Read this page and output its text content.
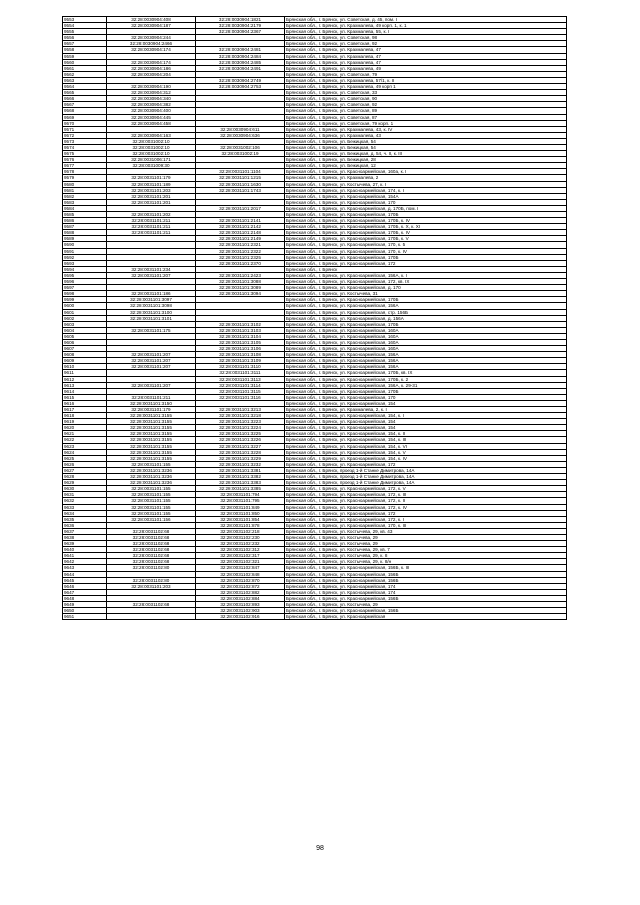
9553	32:28:0030904:408	32:28:0030904:1821	Брянская обл., г. Брянск, ул. Советская, д. 45, пом. I
9554	32:28:0030904:187	32:28:0030904:2179	Брянская обл., г. Брянск, ул. Крахмалева, 49 корп. 1, к. 1
9555		32:28:0030904:2367	Брянская обл., г. Брянск, ул. Крахмалева, 55, к. I
9556	32:28:0030904:244		Брянская обл., г. Брянск, ул. Советская, 98
9557	32:28:0030904:2466		Брянская обл., г. Брянск, ул. Советская, 92
9558	32:28:0030904:174	32:28:0030904:2481	Брянская обл., г. Брянск, ул. Крахмалева, 47
9559		32:28:0030904:2484	Брянская обл., г. Брянск, ул. Крахмалева, 47
9560	32:28:0030904:174	32:28:0030904:2485	Брянская обл., г. Брянск, ул. Крахмалева, 47
9561	32:28:0030904:186	32:28:0030904:2491	Брянская обл., г. Брянск, ул. Крахмалева, 49
9562	32:28:0030904:204		Брянская обл., г. Брянск, ул. Советская, 79
9563		32:28:0030904:2749	Брянская обл., г. Брянск, ул. Крахмалева, 57/1, к. II
9564	32:28:0030904:190	32:28:0030904:2753	Брянская обл., г. Брянск, ул. Крахмалева, 49 корп 1
9565	32:28:0030904:312		Брянская обл., г. Брянск, ул. Советская, 33
9566	32:28:0030904:340		Брянская обл., г. Брянск, ул. Советская, 90
9567	32:28:0030904:382		Брянская обл., г. Брянск, ул. Советская, 92
9568	32:28:0030904:400		Брянская обл., г. Брянск, ул. Советская, 89
9569	32:28:0030904:445		Брянская обл., г. Брянск, ул. Советская, 87
9570	32:28:0030904:458		Брянская обл., г. Брянск, ул. Советская, 79 корп. 1
9571		32:28:0030904:611	Брянская обл., г. Брянск, ул. Крахмалева, 43, к. IV
9572	32:28:0030904:163	32:28:0030904:636	Брянская обл., г. Брянск, ул. Крахмалева, 43
9573	32:28:0031002:10		Брянская обл., г. Брянск, ул. Бежицкая, 54
9574	32:28:0031002:10	32:28:0031002:106	Брянская обл., г. Брянск, ул. Бежицкая, 54
9575	32:28:0031002:10	32:28:0031002:19	Брянская обл., г. Брянск, ул. Бежицкая, д. 54, ч. II, к. III
9576	32:28:0031006:171		Брянская обл., г. Брянск, ул. Бежицкая, 28
9577	32:28:0031009:30		Брянская обл., г. Брянск, ул. Бежицкая, 12
9578		32:28:0031101:1104	Брянская обл., г. Брянск, ул. Красноармейская, 160а, к. I
9579	32:28:0031101:179	32:28:0031101:1215	Брянская обл., г. Брянск, ул. Крахмалева, 2
9580	32:28:0031101:189	32:28:0031101:1630	Брянская обл., г. Брянск, ул. Костычева, 27, к. I
9581	32:28:0031101:203	32:28:0031101:1743	Брянская обл., г. Брянск, ул. Красноармейская, 174, к. I
9582	32:28:0031101:201		Брянская обл., г. Брянск, ул. Красноармейская, 154А
9583	32:28:0031101:201		Брянская обл., г. Брянск, ул. Красноармейская, 170
9584		32:28:0031101:2017	Брянская обл., г. Брянск, ул. Красноармейская, д. 170Б, пом. I
9585	32:28:0031101:202		Брянская обл., г. Брянск, ул. Красноармейская, 170Б
9586	32:28:0031101:211	32:28:0031101:2141	Брянская обл., г. Брянск, ул. Красноармейская, 170Б, к. IV
9587	32:28:0031101:211	32:28:0031101:2142	Брянская обл., г. Брянск, ул. Красноармейская, 170Б, к. X, к. XI
9588	32:28:0031101:211	32:28:0031101:2148	Брянская обл., г. Брянск, ул. Красноармейская, 170Б, к. IV
9589		32:28:0031101:2149	Брянская обл., г. Брянск, ул. Красноармейская, 170Б, к. V
9590		32:28:0031101:2321	Брянская обл., г. Брянск, ул. Красноармейская, 170, к. 5
9591		32:28:0031101:2322	Брянская обл., г. Брянск, ул. Красноармейская, 170, к. IV
9592		32:28:0031101:2325	Брянская обл., г. Брянск, ул. Красноармейская, 170Б
9593		32:28:0031101:2370	Брянская обл., г. Брянск, ул. Красноармейская, 172
9594	32:28:0031101:234		Брянская обл., г. Брянск
9595	32:28:0031101:207	32:28:0031101:2423	Брянская обл., г. Брянск, ул. Красноармейская, 156А, к. I
9596		32:28:0031101:3088	Брянская обл., г. Брянск, ул. Красноармейская, 172, кв. IX
9597		32:28:0031101:3089	Брянская обл., г. Брянск, ул. Красноармейская, д. 170
9598	32:28:0031101:186	32:28:0031101:3094	Брянская обл., г. Брянск, ул. Костычева, 31
9599	32:28:0031101:3097		Брянская обл., г. Брянск, ул. Красноармейская, 170Б
9600	32:28:0031101:3098		Брянская обл., г. Брянск, ул. Красноармейская, 156А
9601	32:28:0031101:3100		Брянская обл., г. Брянск, ул. Красноармейская, стр. 156Б
9602	32:28:0031101:3101		Брянская обл., г. Брянск, ул. Красноармейская, д. 156А
9603		32:28:0031101:3102	Брянская обл., г. Брянск, ул. Красноармейская, 170Б
9604	32:28:0031101:175	32:28:0031101:3103	Брянская обл., г. Брянск, ул. Красноармейская, 160А
9605		32:28:0031101:3104	Брянская обл., г. Брянск, ул. Красноармейская, 160А
9606		32:28:0031101:3105	Брянская обл., г. Брянск, ул. Красноармейская, 160А
9607		32:28:0031101:3106	Брянская обл., г. Брянск, ул. Красноармейская, 160А
9608	32:28:0031101:207	32:28:0031101:3108	Брянская обл., г. Брянск, ул. Красноармейская, 156А
9609	32:28:0031101:207	32:28:0031101:3109	Брянская обл., г. Брянск, ул. Красноармейская, 156А
9610	32:28:0031101:207	32:28:0031101:3110	Брянская обл., г. Брянск, ул. Красноармейская, 156А
9611		32:28:0031101:3111	Брянская обл., г. Брянск, ул. Красноармейская, 170Б, кв. IX
9612		32:28:0031101:3113	Брянская обл., г. Брянск, ул. Красноармейская, 170Б, к. 2
9613	32:28:0031101:207	32:28:0031101:3114	Брянская обл., г. Брянск, ул. Красноармейская, 156А, к. 29-31
9614		32:28:0031101:3115	Брянская обл., г. Брянск, ул. Красноармейская, 170Б
9615	32:28:0031101:211	32:28:0031101:3116	Брянская обл., г. Брянск, ул. Красноармейская, 170
9616	32:28:0031101:3150		Брянская обл., г. Брянск, ул. Красноармейская, 154
9617	32:28:0031101:179	32:28:0031101:3213	Брянская обл., г. Брянск, ул. Крахмалева, 2, к. I
9618	32:28:0031101:3155	32:28:0031101:3218	Брянская обл., г. Брянск, ул. Красноармейская, 154, к. I
9619	32:28:0031101:3155	32:28:0031101:3223	Брянская обл., г. Брянск, ул. Красноармейская, 154
9620	32:28:0031101:3155	32:28:0031101:3224	Брянская обл., г. Брянск, ул. Красноармейская, 154
9621	32:28:0031101:3155	32:28:0031101:3225	Брянская обл., г. Брянск, ул. Красноармейская, 154, к. II
9622	32:28:0031101:3155	32:28:0031101:3226	Брянская обл., г. Брянск, ул. Красноармейская, 154, к. III
9623	32:28:0031101:3155	32:28:0031101:3227	Брянская обл., г. Брянск, ул. Красноармейская, 154, к. VI
9624	32:28:0031101:3155	32:28:0031101:3228	Брянская обл., г. Брянск, ул. Красноармейская, 154, к. V
9625	32:28:0031101:3155	32:28:0031101:3229	Брянская обл., г. Брянск, ул. Красноармейская, 154, к. IV
9626	32:28:0031101:155	32:28:0031101:3232	Брянская обл., г. Брянск, ул. Красноармейская, 172
9627	32:28:0031101:3236	32:28:0031101:3381	Брянская обл., г. Брянск, проезд 1-й Станке Димитрова, 14А
9628	32:28:0031101:3236	32:28:0031101:3382	Брянская обл., г. Брянск, проезд 1-й Станке Димитрова, 14А
9629	32:28:0031101:3236	32:28:0031101:3383	Брянская обл., г. Брянск, проезд 1-й Станке Димитрова, 14А
9630	32:28:0031101:155	32:28:0031101:3385	Брянская обл., г. Брянск, ул. Красноармейская, 172, к. V
9631	32:28:0031101:155	32:28:0031101:794	Брянская обл., г. Брянск, ул. Красноармейская, 172, к. III
9632	32:28:0031101:155	32:28:0031101:795	Брянская обл., г. Брянск, ул. Красноармейская, 172, к. II
9633	32:28:0031101:155	32:28:0031101:849	Брянская обл., г. Брянск, ул. Красноармейская, 172, к. IV
9634	32:28:0031101:155	32:28:0031101:850	Брянская обл., г. Брянск, ул. Красноармейская, 172
9635	32:28:0031101:156	32:28:0031101:854	Брянская обл., г. Брянск, ул. Красноармейская, 172, к. I
9636		32:28:0031101:878	Брянская обл., г. Брянск, ул. Красноармейская, 170, к. III
9637	32:28:0031102:68	32:28:0031102:218	Брянская обл., г. Брянск, ул. Костычева, 29, кв. 43
9638	32:28:0031102:68	32:28:0031102:230	Брянская обл., г. Брянск, ул. Костычева, 29
9639	32:28:0031102:68	32:28:0031102:232	Брянская обл., г. Брянск, ул. Костычева, 29
9640	32:28:0031102:68	32:28:0031102:312	Брянская обл., г. Брянск, ул. Костычева, 29, кв. 7
9641	32:28:0031102:68	32:28:0031102:317	Брянская обл., г. Брянск, ул. Костычева, 29, к. 8
9642	32:28:0031102:68	32:28:0031102:321	Брянская обл., г. Брянск, ул. Костычева, 29, к. 8/н
9643	32:28:0031102:80	32:28:0031102:847	Брянская обл., г. Брянск, ул. Красноармейская, 156Б, к. III
9644		32:28:0031102:848	Брянская обл., г. Брянск, ул. Красноармейская, 156Б
9645	32:28:0031102:80	32:28:0031102:870	Брянская обл., г. Брянск, ул. Красноармейская, 156Б
9646	32:28:0031101:203	32:28:0031102:872	Брянская обл., г. Брянск, ул. Красноармейская, 174
9647		32:28:0031102:882	Брянская обл., г. Брянск, ул. Красноармейская, 174
9648		32:28:0031102:884	Брянская обл., г. Брянск, ул. Красноармейская, 156Б
9649	32:28:0031102:68	32:28:0031102:893	Брянская обл., г. Брянск, ул. Костычева, 29
9650		32:28:0031102:903	Брянская обл., г. Брянск, ул. Красноармейская, 156Б
9651		32:28:0031102:916	Брянская обл., г. Брянск, ул. Красноармейская
98
